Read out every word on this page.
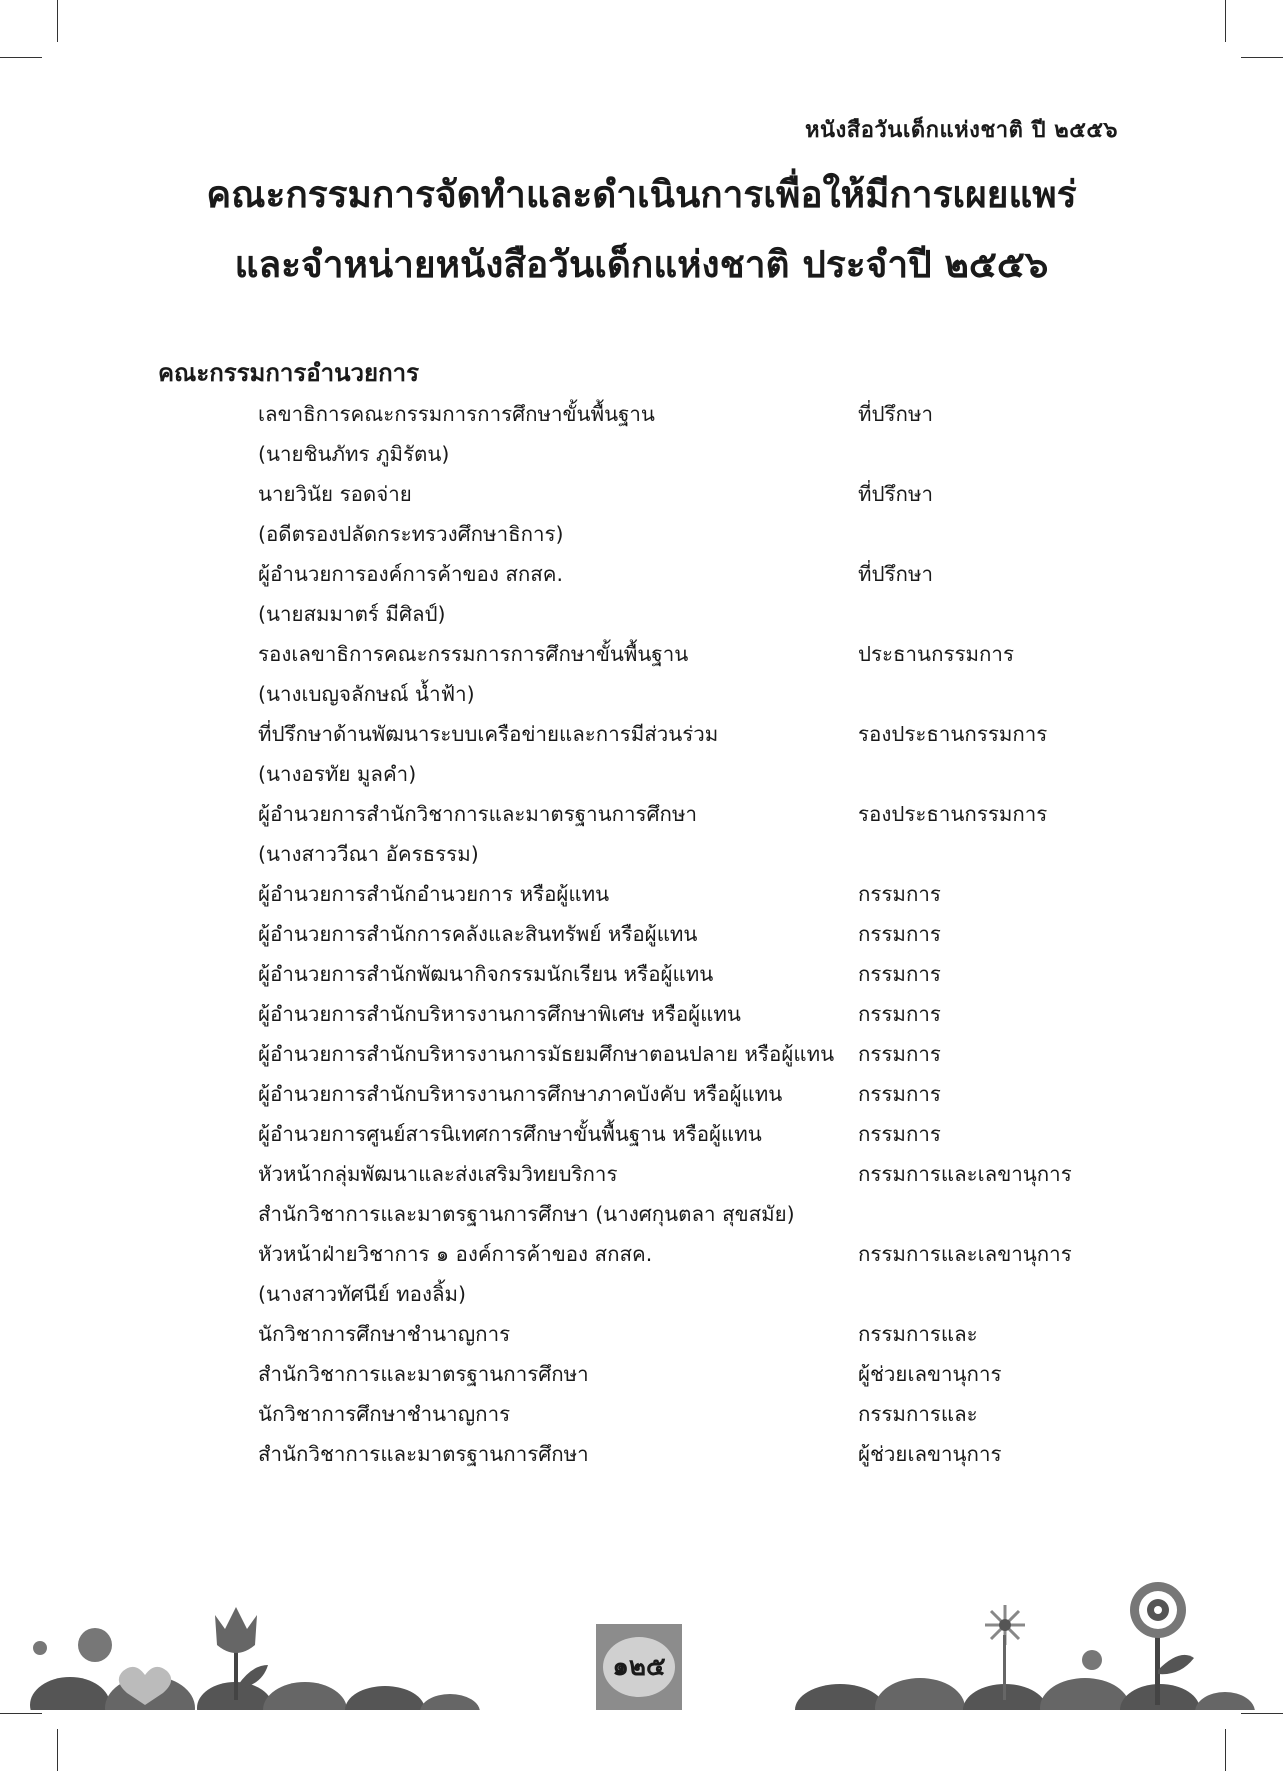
หนังสือวันเด็กแห่งชาติ ปี ๒๕๕๖
คณะกรรมการจัดทำและดำเนินการเพื่อให้มีการเผยแพร่
และจำหน่ายหนังสือวันเด็กแห่งชาติ ประจำปี ๒๕๕๖
คณะกรรมการอำนวยการ
เลขาธิการคณะกรรมการการศึกษาขั้นพื้นฐาน	ที่ปรึกษา
(นายชินภัทร ภูมิรัตน)
นายวินัย รอดจ่าย	ที่ปรึกษา
(อดีตรองปลัดกระทรวงศึกษาธิการ)
ผู้อำนวยการองค์การค้าของ สกสค.	ที่ปรึกษา
(นายสมมาตร์ มีศิลป์)
รองเลขาธิการคณะกรรมการการศึกษาขั้นพื้นฐาน	ประธานกรรมการ
(นางเบญจลักษณ์ น้ำฟ้า)
ที่ปรึกษาด้านพัฒนาระบบเครือข่ายและการมีส่วนร่วม	รองประธานกรรมการ
(นางอรทัย มูลคำ)
ผู้อำนวยการสำนักวิชาการและมาตรฐานการศึกษา	รองประธานกรรมการ
(นางสาววีณา อัครธรรม)
ผู้อำนวยการสำนักอำนวยการ หรือผู้แทน	กรรมการ
ผู้อำนวยการสำนักการคลังและสินทรัพย์ หรือผู้แทน	กรรมการ
ผู้อำนวยการสำนักพัฒนากิจกรรมนักเรียน หรือผู้แทน	กรรมการ
ผู้อำนวยการสำนักบริหารงานการศึกษาพิเศษ หรือผู้แทน	กรรมการ
ผู้อำนวยการสำนักบริหารงานการมัธยมศึกษาตอนปลาย หรือผู้แทน กรรมการ
ผู้อำนวยการสำนักบริหารงานการศึกษาภาคบังคับ หรือผู้แทน	กรรมการ
ผู้อำนวยการศูนย์สารนิเทศการศึกษาขั้นพื้นฐาน หรือผู้แทน	กรรมการ
หัวหน้ากลุ่มพัฒนาและส่งเสริมวิทยบริการ	กรรมการและเลขานุการ
สำนักวิชาการและมาตรฐานการศึกษา (นางศกุนตลา สุขสมัย)
หัวหน้าฝ่ายวิชาการ ๑ องค์การค้าของ สกสค.	กรรมการและเลขานุการ
(นางสาวทัศนีย์ ทองลิ้ม)
นักวิชาการศึกษาชำนาญการ	กรรมการและ
สำนักวิชาการและมาตรฐานการศึกษา	ผู้ช่วยเลขานุการ
นักวิชาการศึกษาชำนาญการ	กรรมการและ
สำนักวิชาการและมาตรฐานการศึกษา	ผู้ช่วยเลขานุการ
๑๒๕
